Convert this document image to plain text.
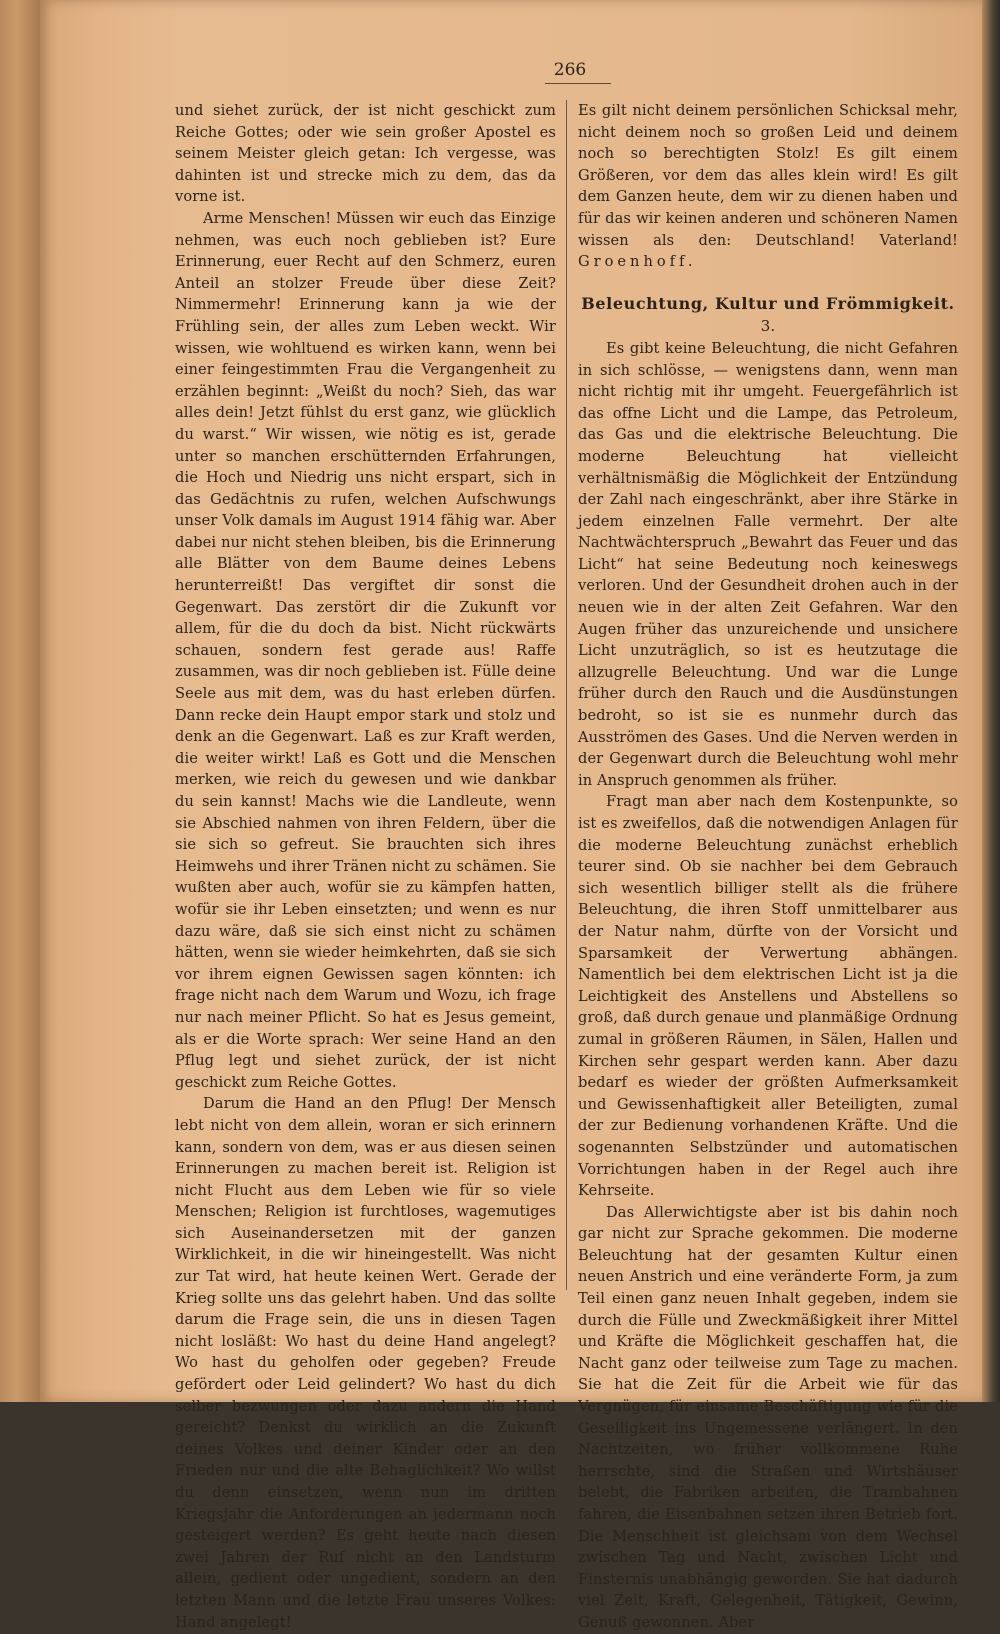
266

und siehet zurück, der ist nicht geschickt zum Reiche Gottes; oder wie sein großer Apostel es seinem Meister gleich getan: Ich vergesse, was dahinten ist und strecke mich zu dem, das da vorne ist.

Arme Menschen! Müssen wir euch das Einzige nehmen, was euch noch geblieben ist? Eure Erinnerung, euer Recht auf den Schmerz, euren Anteil an stolzer Freude über diese Zeit? Nimmermehr! Erinnerung kann ja wie der Frühling sein, der alles zum Leben weckt. Wir wissen, wie wohltuend es wirken kann, wenn bei einer feingestimmten Frau die Vergangenheit zu erzählen beginnt: „Weißt du noch? Sieh, das war alles dein! Jetzt fühlst du erst ganz, wie glücklich du warst.“ Wir wissen, wie nötig es ist, gerade unter so manchen erschütternden Erfahrungen, die Hoch und Niedrig uns nicht erspart, sich in das Gedächtnis zu rufen, welchen Aufschwungs unser Volk damals im August 1914 fähig war. Aber dabei nur nicht stehen bleiben, bis die Erinnerung alle Blätter von dem Baume deines Lebens herunterreißt! Das vergiftet dir sonst die Gegenwart. Das zerstört dir die Zukunft vor allem, für die du doch da bist. Nicht rückwärts schauen, sondern fest gerade aus! Raffe zusammen, was dir noch geblieben ist. Fülle deine Seele aus mit dem, was du hast erleben dürfen. Dann recke dein Haupt empor stark und stolz und denk an die Gegenwart. Laß es zur Kraft werden, die weiter wirkt! Laß es Gott und die Menschen merken, wie reich du gewesen und wie dankbar du sein kannst! Machs wie die Landleute, wenn sie Abschied nahmen von ihren Feldern, über die sie sich so gefreut. Sie brauchten sich ihres Heimwehs und ihrer Tränen nicht zu schämen. Sie wußten aber auch, wofür sie zu kämpfen hatten, wofür sie ihr Leben einsetzten; und wenn es nur dazu wäre, daß sie sich einst nicht zu schämen hätten, wenn sie wieder heimkehrten, daß sie sich vor ihrem eignen Gewissen sagen könnten: ich frage nicht nach dem Warum und Wozu, ich frage nur nach meiner Pflicht. So hat es Jesus gemeint, als er die Worte sprach: Wer seine Hand an den Pflug legt und siehet zurück, der ist nicht geschickt zum Reiche Gottes.

Darum die Hand an den Pflug! Der Mensch lebt nicht von dem allein, woran er sich erinnern kann, sondern von dem, was er aus diesen seinen Erinnerungen zu machen bereit ist. Religion ist nicht Flucht aus dem Leben wie für so viele Menschen; Religion ist furchtloses, wagemutiges sich Auseinandersetzen mit der ganzen Wirklichkeit, in die wir hineingestellt. Was nicht zur Tat wird, hat heute keinen Wert. Gerade der Krieg sollte uns das gelehrt haben. Und das sollte darum die Frage sein, die uns in diesen Tagen nicht losläßt: Wo hast du deine Hand angelegt? Wo hast du geholfen oder gegeben? Freude gefördert oder Leid gelindert? Wo hast du dich selber bezwungen oder dazu andern die Hand gereicht? Denkst du wirklich an die Zukunft deines Volkes und deiner Kinder oder an den Frieden nur und die alte Behaglichkeit? Wo willst du denn einsetzen, wenn nun im dritten Kriegsjahr die Anforderungen an jedermann noch gesteigert werden? Es geht heute nach diesen zwei Jahren der Ruf nicht an den Landsturm allein, gedient oder ungedient, sondern an den letzten Mann und die letzte Frau unseres Volkes: Hand angelegt!

Es gilt nicht deinem persönlichen Schicksal mehr, nicht deinem noch so großen Leid und deinem noch so berechtigten Stolz! Es gilt einem Größeren, vor dem das alles klein wird! Es gilt dem Ganzen heute, dem wir zu dienen haben und für das wir keinen anderen und schöneren Namen wissen als den: Deutschland! Vaterland! Groenhoff.

Beleuchtung, Kultur und Frömmigkeit.
3.

Es gibt keine Beleuchtung, die nicht Gefahren in sich schlösse, — wenigstens dann, wenn man nicht richtig mit ihr umgeht. Feuergefährlich ist das offne Licht und die Lampe, das Petroleum, das Gas und die elektrische Beleuchtung. Die moderne Beleuchtung hat vielleicht verhältnismäßig die Möglichkeit der Entzündung der Zahl nach eingeschränkt, aber ihre Stärke in jedem einzelnen Falle vermehrt. Der alte Nachtwächterspruch „Bewahrt das Feuer und das Licht“ hat seine Bedeutung noch keineswegs verloren. Und der Gesundheit drohen auch in der neuen wie in der alten Zeit Gefahren. War den Augen früher das unzureichende und unsichere Licht unzuträglich, so ist es heutzutage die allzugrelle Beleuchtung. Und war die Lunge früher durch den Rauch und die Ausdünstungen bedroht, so ist sie es nunmehr durch das Ausströmen des Gases. Und die Nerven werden in der Gegenwart durch die Beleuchtung wohl mehr in Anspruch genommen als früher.

Fragt man aber nach dem Kostenpunkte, so ist es zweifellos, daß die notwendigen Anlagen für die moderne Beleuchtung zunächst erheblich teurer sind. Ob sie nachher bei dem Gebrauch sich wesentlich billiger stellt als die frühere Beleuchtung, die ihren Stoff unmittelbarer aus der Natur nahm, dürfte von der Vorsicht und Sparsamkeit der Verwertung abhängen. Namentlich bei dem elektrischen Licht ist ja die Leichtigkeit des Anstellens und Abstellens so groß, daß durch genaue und planmäßige Ordnung zumal in größeren Räumen, in Sälen, Hallen und Kirchen sehr gespart werden kann. Aber dazu bedarf es wieder der größten Aufmerksamkeit und Gewissenhaftigkeit aller Beteiligten, zumal der zur Bedienung vorhandenen Kräfte. Und die sogenannten Selbstzünder und automatischen Vorrichtungen haben in der Regel auch ihre Kehrseite.

Das Allerwichtigste aber ist bis dahin noch gar nicht zur Sprache gekommen. Die moderne Beleuchtung hat der gesamten Kultur einen neuen Anstrich und eine veränderte Form, ja zum Teil einen ganz neuen Inhalt gegeben, indem sie durch die Fülle und Zweckmäßigkeit ihrer Mittel und Kräfte die Möglichkeit geschaffen hat, die Nacht ganz oder teilweise zum Tage zu machen. Sie hat die Zeit für die Arbeit wie für das Vergnügen, für einsame Beschäftigung wie für die Geselligkeit ins Ungemessene verlängert. In den Nachtzeiten, wo früher vollkommene Ruhe herrschte, sind die Straßen und Wirtshäuser belebt, die Fabriken arbeiten, die Trambahnen fahren, die Eisenbahnen setzen ihren Betrieb fort. Die Menschheit ist gleichsam von dem Wechsel zwischen Tag und Nacht, zwischen Licht und Finsternis unabhängig geworden. Sie hat dadurch viel Zeit, Kraft, Gelegenheit, Tätigkeit, Gewinn, Genuß gewonnen. Aber
